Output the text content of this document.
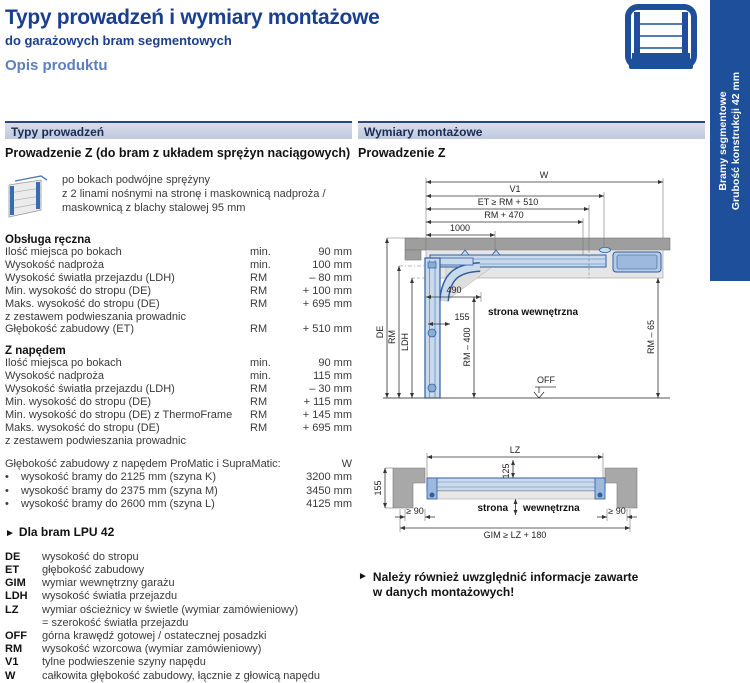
Typy prowadzeń i wymiary montażowe
do garażowych bram segmentowych
Opis produktu
Bramy segmentowe Grubość konstrukcji 42 mm
Typy prowadzeń
Prowadzenie Z (do bram z układem sprężyn naciągowych)
po bokach podwójne sprężyny
z 2 linami nośnymi na stronę i maskownicą nadproża /
maskownicą z blachy stalowej 95 mm
Obsługa ręczna
Ilość miejsca po bokach	min.	90 mm
Wysokość nadproża	min.	100 mm
Wysokość światła przejazdu (LDH)	RM	– 80 mm
Min. wysokość do stropu (DE)	RM	+ 100 mm
Maks. wysokość do stropu (DE)	RM	+ 695 mm
z zestawem podwieszania prowadnic
Głębokość zabudowy (ET)	RM	+ 510 mm
Z napędem
Ilość miejsca po bokach	min.	90 mm
Wysokość nadproża	min.	115 mm
Wysokość światła przejazdu (LDH)	RM	– 30 mm
Min. wysokość do stropu (DE)	RM	+ 115 mm
Min. wysokość do stropu (DE) z ThermoFrame	RM	+ 145 mm
Maks. wysokość do stropu (DE)	RM	+ 695 mm
z zestawem podwieszania prowadnic
Głębokość zabudowy z napędem ProMatic i SupraMatic:	W
•	wysokość bramy do 2125 mm (szyna K)	3200 mm
•	wysokość bramy do 2375 mm (szyna M)	3450 mm
•	wysokość bramy do 2600 mm (szyna L)	4125 mm
► Dla bram LPU 42
DE	wysokość do stropu
ET	głębokość zabudowy
GIM	wymiar wewnętrzny garażu
LDH	wysokość światła przejazdu
LZ	wymiar ościeżnicy w świetle (wymiar zamówieniowy)
= szerokość światła przejazdu
OFF	górna krawędź gotowej / ostatecznej posadzki
RM	wysokość wzorcowa (wymiar zamówieniowy)
V1	tylne podwieszenie szyny napędu
W	całkowita głębokość zabudowy, łącznie z głowicą napędu
Wymiary montażowe
Prowadzenie Z
W
V1
ET ≥ RM + 510
RM + 470
1000
490
155
DE RM LDH	RM – 400	RM – 65
OFF
strona wewnętrzna
LZ
125
155
≥ 90	≥ 90
GIM ≥ LZ + 180
strona wewnętrzna
► Należy również uwzględnić informacje zawarte
w danych montażowych!
